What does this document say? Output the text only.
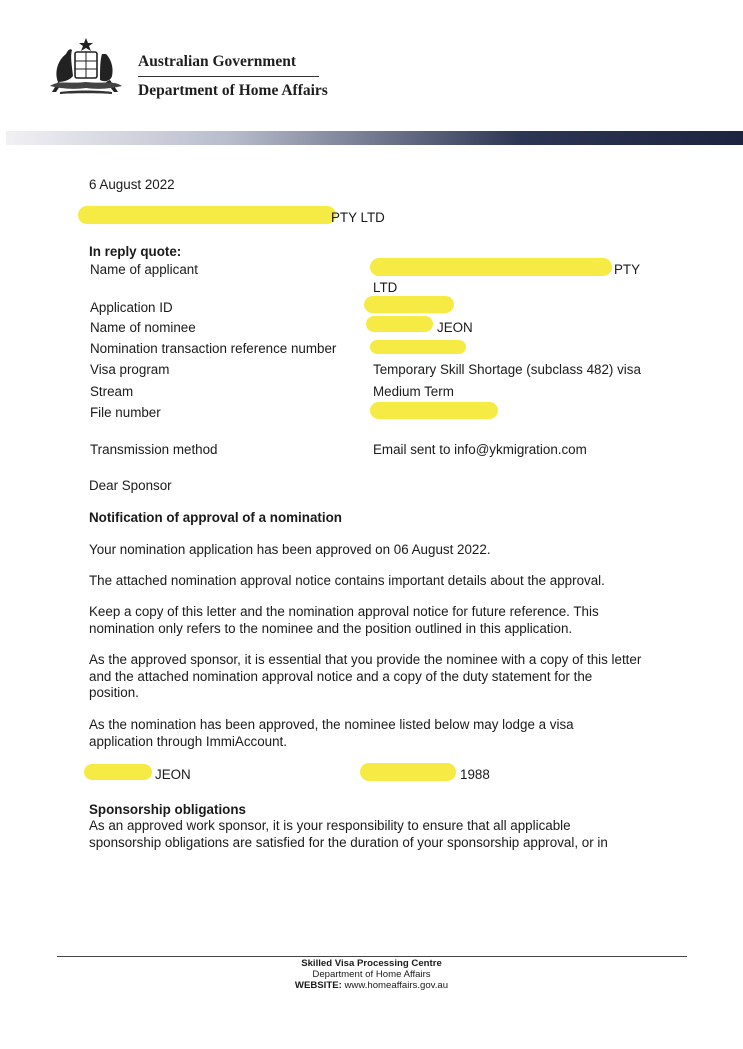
Australian Government
Department of Home Affairs
6 August 2022
PTY LTD
In reply quote:
Name of applicant	PTY
LTD
Application ID
Name of nominee	JEON
Nomination transaction reference number
Visa program	Temporary Skill Shortage (subclass 482) visa
Stream	Medium Term
File number
Transmission method	Email sent to info@ykmigration.com
Dear Sponsor
Notification of approval of a nomination
Your nomination application has been approved on 06 August 2022.
The attached nomination approval notice contains important details about the approval.
Keep a copy of this letter and the nomination approval notice for future reference. This nomination only refers to the nominee and the position outlined in this application.
As the approved sponsor, it is essential that you provide the nominee with a copy of this letter and the attached nomination approval notice and a copy of the duty statement for the position.
As the nomination has been approved, the nominee listed below may lodge a visa application through ImmiAccount.
JEON	1988
Sponsorship obligations
As an approved work sponsor, it is your responsibility to ensure that all applicable sponsorship obligations are satisfied for the duration of your sponsorship approval, or in
Skilled Visa Processing Centre
Department of Home Affairs
WEBSITE: www.homeaffairs.gov.au
